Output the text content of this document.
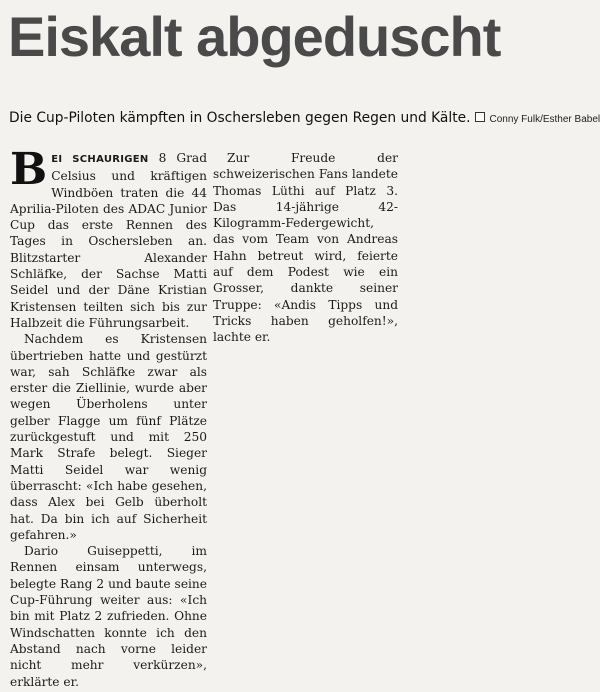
Eiskalt abgeduscht
Die Cup-Piloten kämpften in Oschersleben gegen Regen und Kälte. Conny Fulk/Esther Babel

BEI SCHAURIGEN 8 Grad Celsius und kräftigen Windböen traten die 44 Aprilia-Piloten des ADAC Junior Cup das erste Rennen des Tages in Oschersleben an. Blitzstarter Alexander Schläfke, der Sachse Matti Seidel und der Däne Kristian Kristensen teilten sich bis zur Halbzeit die Führungsarbeit.

Nachdem es Kristensen übertrieben hatte und gestürzt war, sah Schläfke zwar als erster die Ziellinie, wurde aber wegen Überholens unter gelber Flagge um fünf Plätze zurückgestuft und mit 250 Mark Strafe belegt. Sieger Matti Seidel war wenig überrascht: «Ich habe gesehen, dass Alex bei Gelb überholt hat. Da bin ich auf Sicherheit gefahren.»

Dario Guiseppetti, im Rennen einsam unterwegs, belegte Rang 2 und baute seine Cup-Führung weiter aus: «Ich bin mit Platz 2 zufrieden. Ohne Windschatten konnte ich den Abstand nach vorne leider nicht mehr verkürzen», erklärte er.

Zur Freude der schweizerischen Fans landete Thomas Lüthi auf Platz 3. Das 14-jährige 42-Kilogramm-Federgewicht, das vom Team von Andreas Hahn betreut wird, feierte auf dem Podest wie ein Grosser, dankte seiner Truppe: «Andis Tipps und Tricks haben geholfen!», lachte er.
